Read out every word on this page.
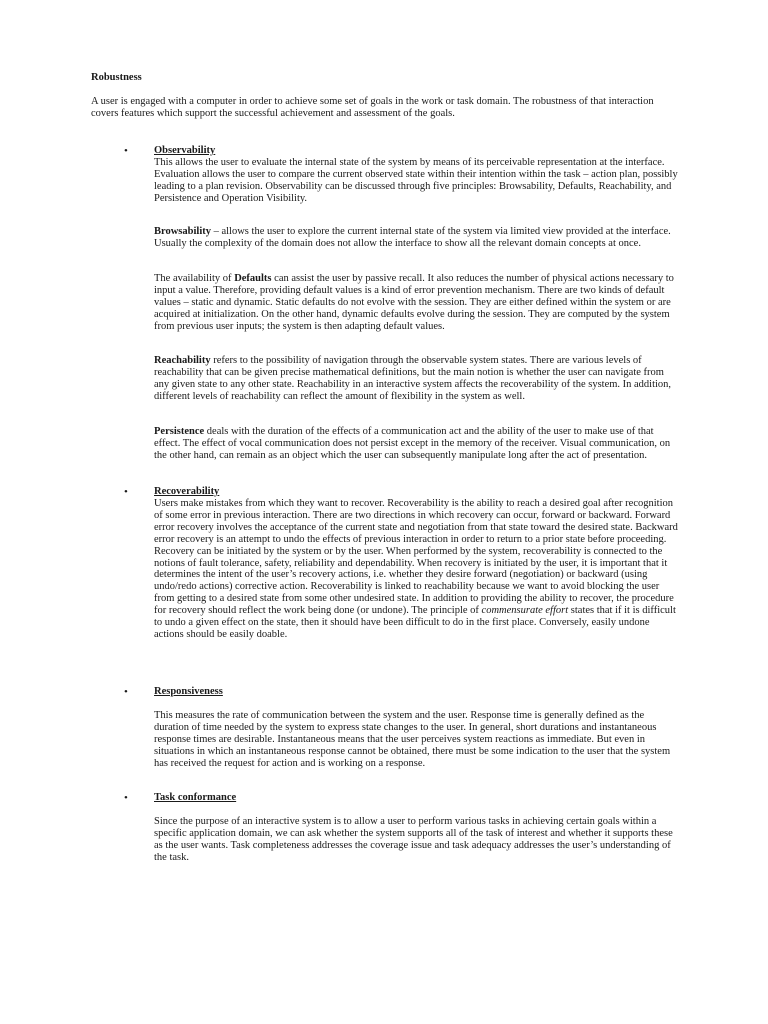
Robustness

A user is engaged with a computer in order to achieve some set of goals in the work or task domain. The robustness of that interaction covers features which support the successful achievement and assessment of the goals.

• Observability

This allows the user to evaluate the internal state of the system by means of its perceivable representation at the interface. Evaluation allows the user to compare the current observed state within their intention within the task – action plan, possibly leading to a plan revision. Observability can be discussed through five principles: Browsability, Defaults, Reachability, and Persistence and Operation Visibility.

Browsability – allows the user to explore the current internal state of the system via limited view provided at the interface. Usually the complexity of the domain does not allow the interface to show all the relevant domain concepts at once.

The availability of Defaults can assist the user by passive recall. It also reduces the number of physical actions necessary to input a value. Therefore, providing default values is a kind of error prevention mechanism. There are two kinds of default values – static and dynamic. Static defaults do not evolve with the session. They are either defined within the system or are acquired at initialization. On the other hand, dynamic defaults evolve during the session. They are computed by the system from previous user inputs; the system is then adapting default values.

Reachability refers to the possibility of navigation through the observable system states. There are various levels of reachability that can be given precise mathematical definitions, but the main notion is whether the user can navigate from any given state to any other state. Reachability in an interactive system affects the recoverability of the system. In addition, different levels of reachability can reflect the amount of flexibility in the system as well.

Persistence deals with the duration of the effects of a communication act and the ability of the user to make use of that effect. The effect of vocal communication does not persist except in the memory of the receiver. Visual communication, on the other hand, can remain as an object which the user can subsequently manipulate long after the act of presentation.

• Recoverability

Users make mistakes from which they want to recover. Recoverability is the ability to reach a desired goal after recognition of some error in previous interaction. There are two directions in which recovery can occur, forward or backward. Forward error recovery involves the acceptance of the current state and negotiation from that state toward the desired state. Backward error recovery is an attempt to undo the effects of previous interaction in order to return to a prior state before proceeding. Recovery can be initiated by the system or by the user. When performed by the system, recoverability is connected to the notions of fault tolerance, safety, reliability and dependability. When recovery is initiated by the user, it is important that it determines the intent of the user’s recovery actions, i.e. whether they desire forward (negotiation) or backward (using undo/redo actions) corrective action. Recoverability is linked to reachability because we want to avoid blocking the user from getting to a desired state from some other undesired state. In addition to providing the ability to recover, the procedure for recovery should reflect the work being done (or undone). The principle of commensurate effort states that if it is difficult to undo a given effect on the state, then it should have been difficult to do in the first place. Conversely, easily undone actions should be easily doable.

• Responsiveness

This measures the rate of communication between the system and the user. Response time is generally defined as the duration of time needed by the system to express state changes to the user. In general, short durations and instantaneous response times are desirable. Instantaneous means that the user perceives system reactions as immediate. But even in situations in which an instantaneous response cannot be obtained, there must be some indication to the user that the system has received the request for action and is working on a response.

• Task conformance

Since the purpose of an interactive system is to allow a user to perform various tasks in achieving certain goals within a specific application domain, we can ask whether the system supports all of the task of interest and whether it supports these as the user wants. Task completeness addresses the coverage issue and task adequacy addresses the user’s understanding of the task.
